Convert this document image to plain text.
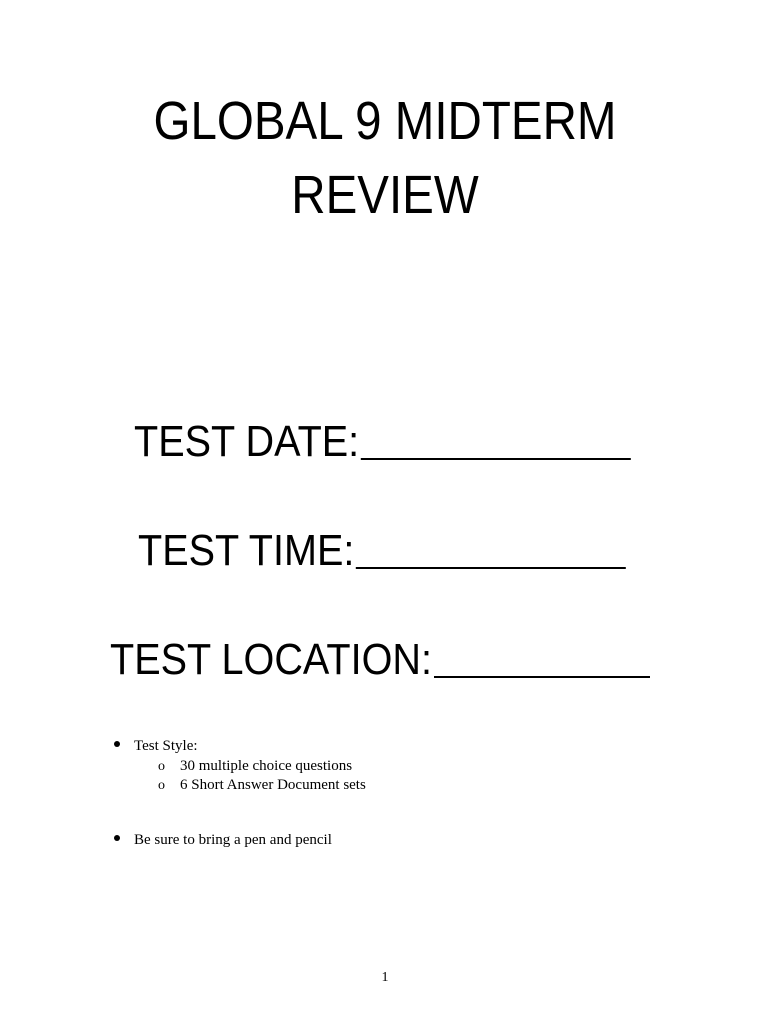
GLOBAL 9 MIDTERM
REVIEW
TEST DATE:
TEST TIME:
TEST LOCATION:
Test Style:
o 30 multiple choice questions
o 6 Short Answer Document sets
Be sure to bring a pen and pencil
1
